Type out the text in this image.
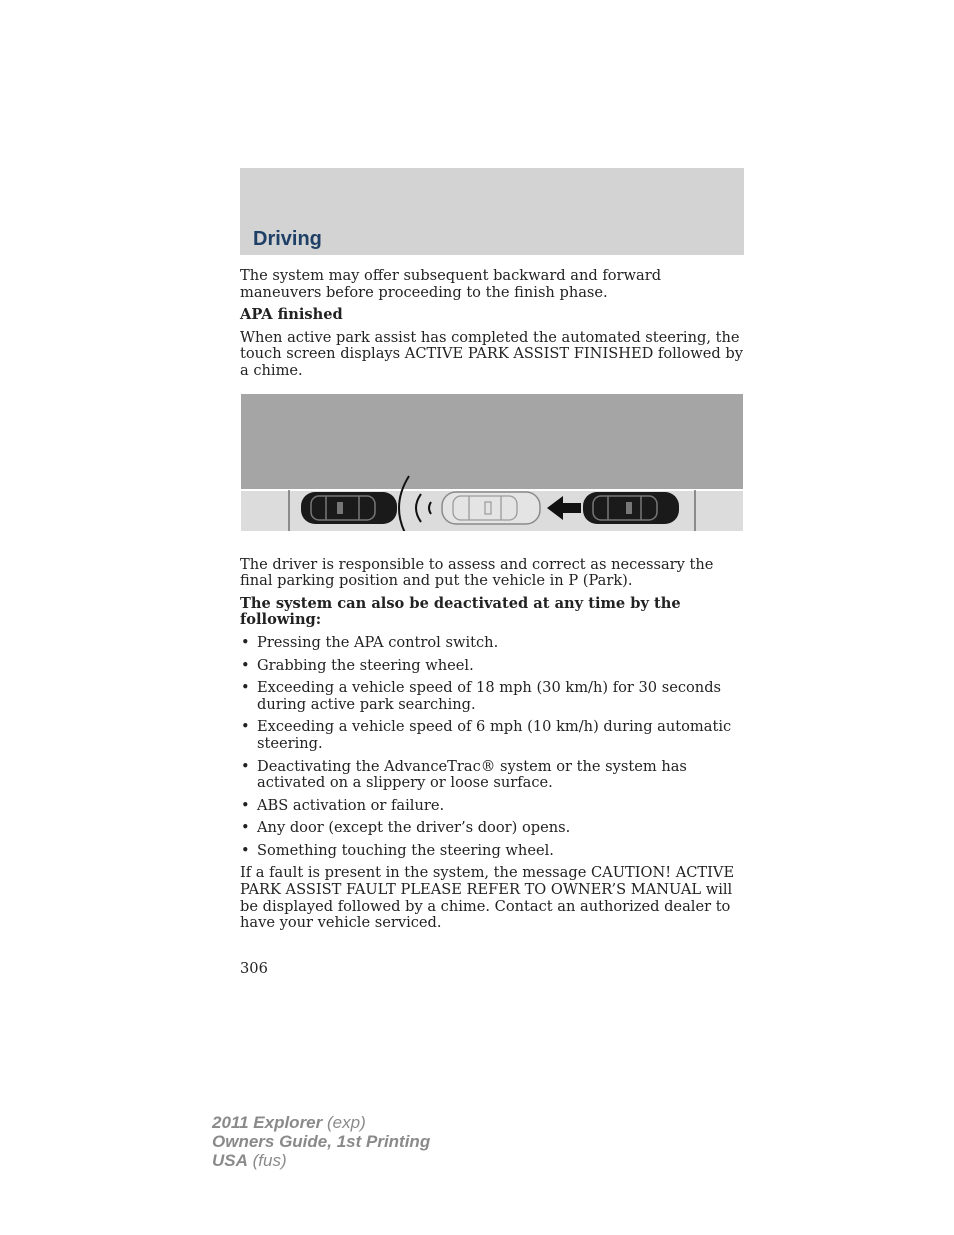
Driving

The system may offer subsequent backward and forward maneuvers before proceeding to the finish phase.

APA finished

When active park assist has completed the automated steering, the touch screen displays ACTIVE PARK ASSIST FINISHED followed by a chime.

The driver is responsible to assess and correct as necessary the final parking position and put the vehicle in P (Park).

The system can also be deactivated at any time by the following:

• Pressing the APA control switch.
• Grabbing the steering wheel.
• Exceeding a vehicle speed of 18 mph (30 km/h) for 30 seconds during active park searching.
• Exceeding a vehicle speed of 6 mph (10 km/h) during automatic steering.
• Deactivating the AdvanceTrac® system or the system has activated on a slippery or loose surface.
• ABS activation or failure.
• Any door (except the driver’s door) opens.
• Something touching the steering wheel.

If a fault is present in the system, the message CAUTION! ACTIVE PARK ASSIST FAULT PLEASE REFER TO OWNER’S MANUAL will be displayed followed by a chime. Contact an authorized dealer to have your vehicle serviced.

306
2011 Explorer (exp)
Owners Guide, 1st Printing
USA (fus)
